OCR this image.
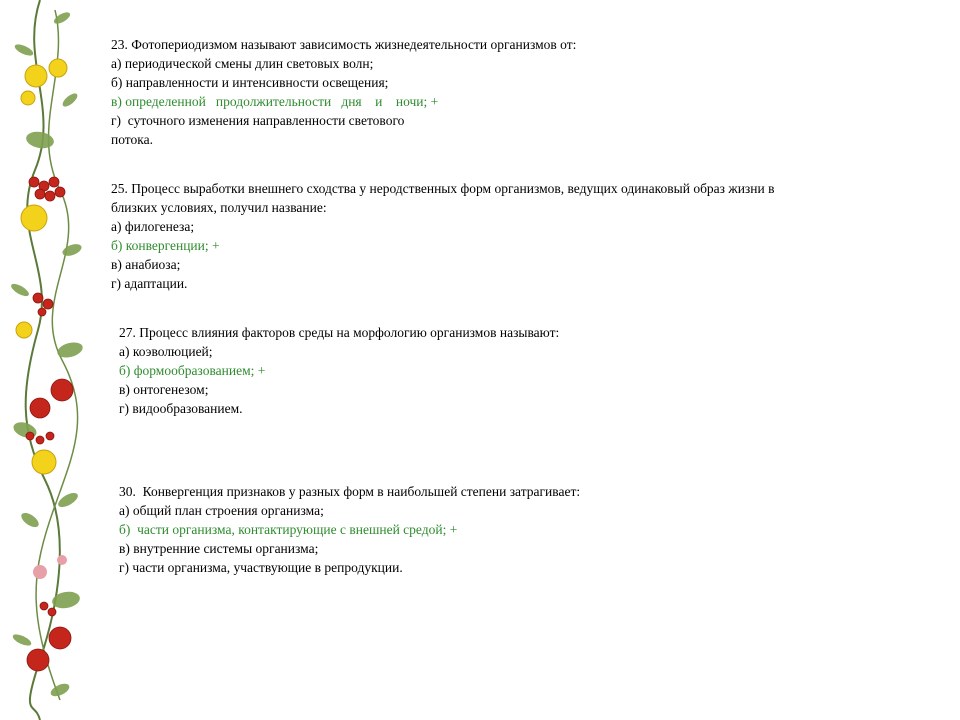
23. Фотопериодизмом называют зависимость жизнедеятельности организмов от:
а) периодической смены длин световых волн;
б) направленности и интенсивности освещения;
в) определенной   продолжительности   дня    и    ночи; +
г)  суточного изменения направленности светового
потока.
25. Процесс выработки внешнего сходства у неродственных форм организмов, ведущих одинаковый образ жизни в
близких условиях, получил название:
а) филогенеза;
б) конвергенции; +
в) анабиоза;
г) адаптации.
27. Процесс влияния факторов среды на морфологию организмов называют:
а) коэволюцией;
б) формообразованием; +
в) онтогенезом;
г) видообразованием.
30.  Конвергенция признаков у разных форм в наибольшей степени затрагивает:
а) общий план строения организма;
б)  части организма, контактирующие с внешней средой; +
в) внутренние системы организма;
г) части организма, участвующие в репродукции.
